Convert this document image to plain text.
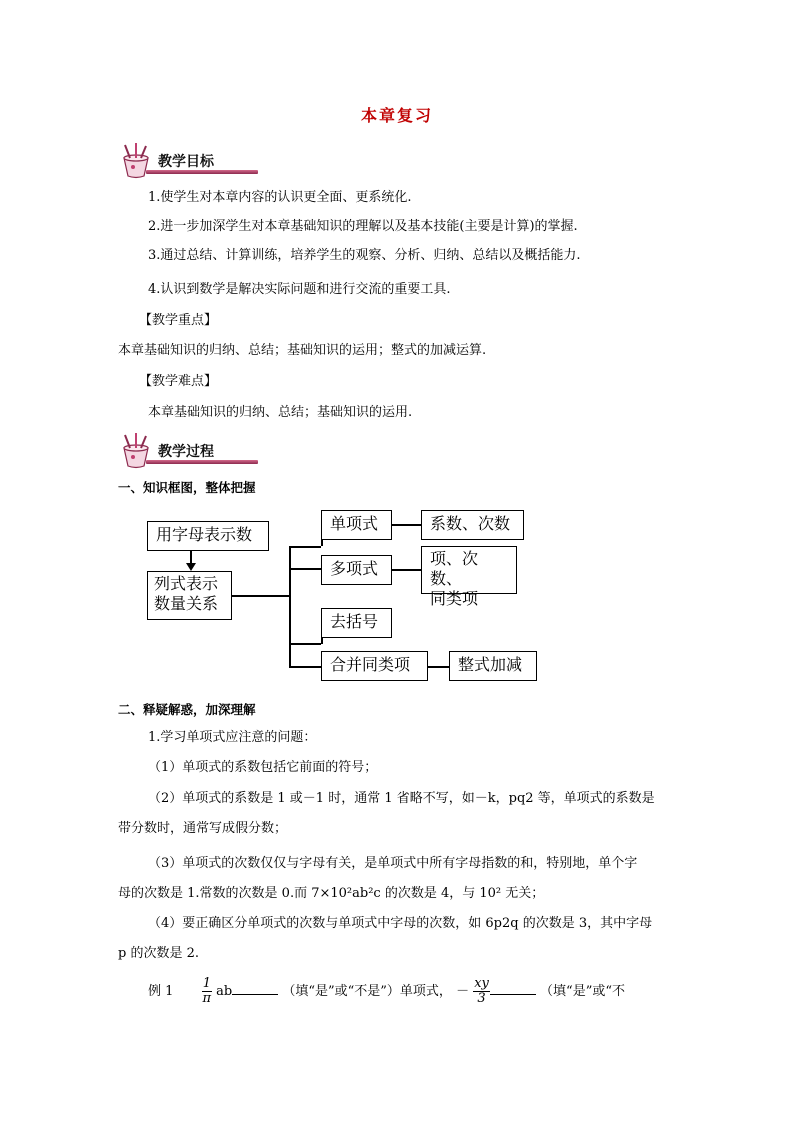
本章复习
教学目标
1.使学生对本章内容的认识更全面、更系统化.
2.进一步加深学生对本章基础知识的理解以及基本技能(主要是计算)的掌握.
3.通过总结、计算训练，培养学生的观察、分析、归纳、总结以及概括能力.
4.认识到数学是解决实际问题和进行交流的重要工具.
【教学重点】
本章基础知识的归纳、总结；基础知识的运用；整式的加减运算.
【教学难点】
本章基础知识的归纳、总结；基础知识的运用.
教学过程
一、知识框图，整体把握
用字母表示数
列式表示
数量关系
单项式	系数、次数
多项式
项、次数、
同类项
去括号
合并同类项	整式加减
二、释疑解惑，加深理解
1.学习单项式应注意的问题：
（1）单项式的系数包括它前面的符号；
（2）单项式的系数是 1 或－1 时，通常 1 省略不写，如－k，pq2 等，单项式的系数是
带分数时，通常写成假分数；
（3）单项式的次数仅仅与字母有关，是单项式中所有字母指数的和，特别地，单个字
母的次数是 1.常数的次数是 0.而 7×10²ab²c 的次数是 4，与 10² 无关；
（4）要正确区分单项式的次数与单项式中字母的次数，如 6p2q 的次数是 3，其中字母
p 的次数是 2.
例 $1 \frac{1}{\pi}$ ab	（填“是”或“不是”）单项式， － $\frac{xy}{3}$	（填“是”或“不
